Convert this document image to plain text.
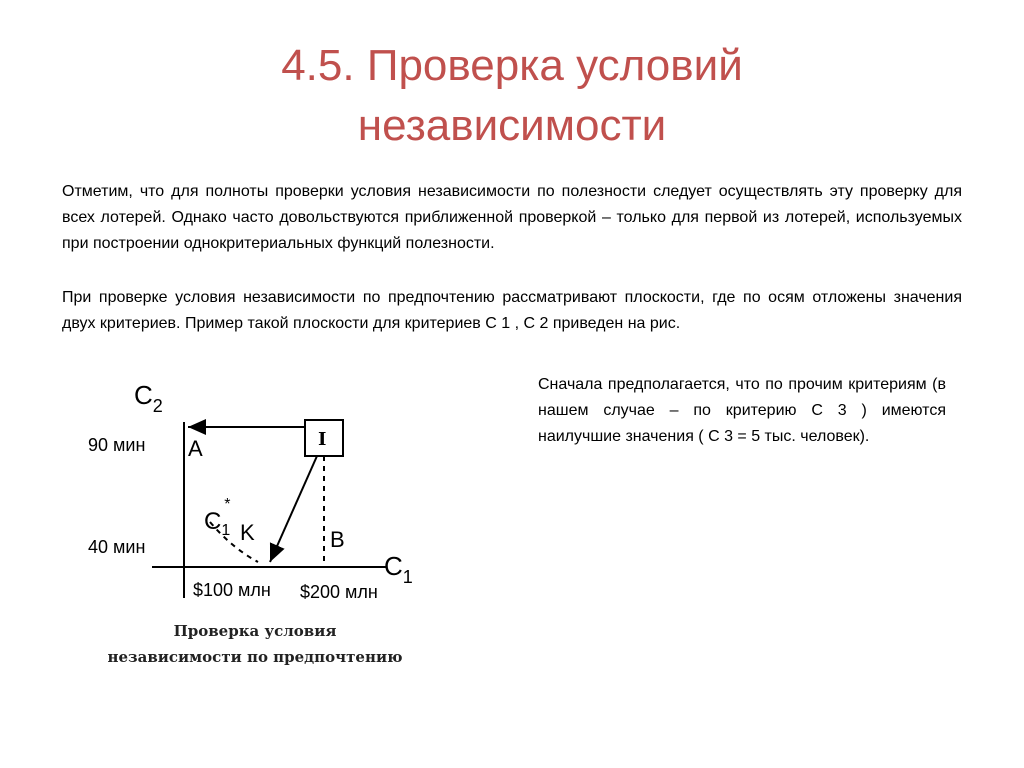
4.5. Проверка условий
независимости
Отметим, что для полноты проверки условия независимости по полезности следует осуществлять эту проверку для всех лотерей. Однако часто довольствуются приближенной проверкой – только для первой из лотерей, используемых при построении однокритериальных функций полезности.
При проверке условия независимости по предпочтению рассматривают плоскости, где по осям отложены значения двух критериев. Пример такой плоскости для критериев С 1 , С 2 приведен на рис.
Сначала предполагается, что по прочим критериям (в нашем случае – по критерию С 3 ) имеются наилучшие значения ( С 3 = 5 тыс. человек).
$C_2$
$C_1$
90 мин
40 мин
$100 млн $200 млн
I
A
B
K
$C_1*$
Проверка условия
независимости по предпочтению
